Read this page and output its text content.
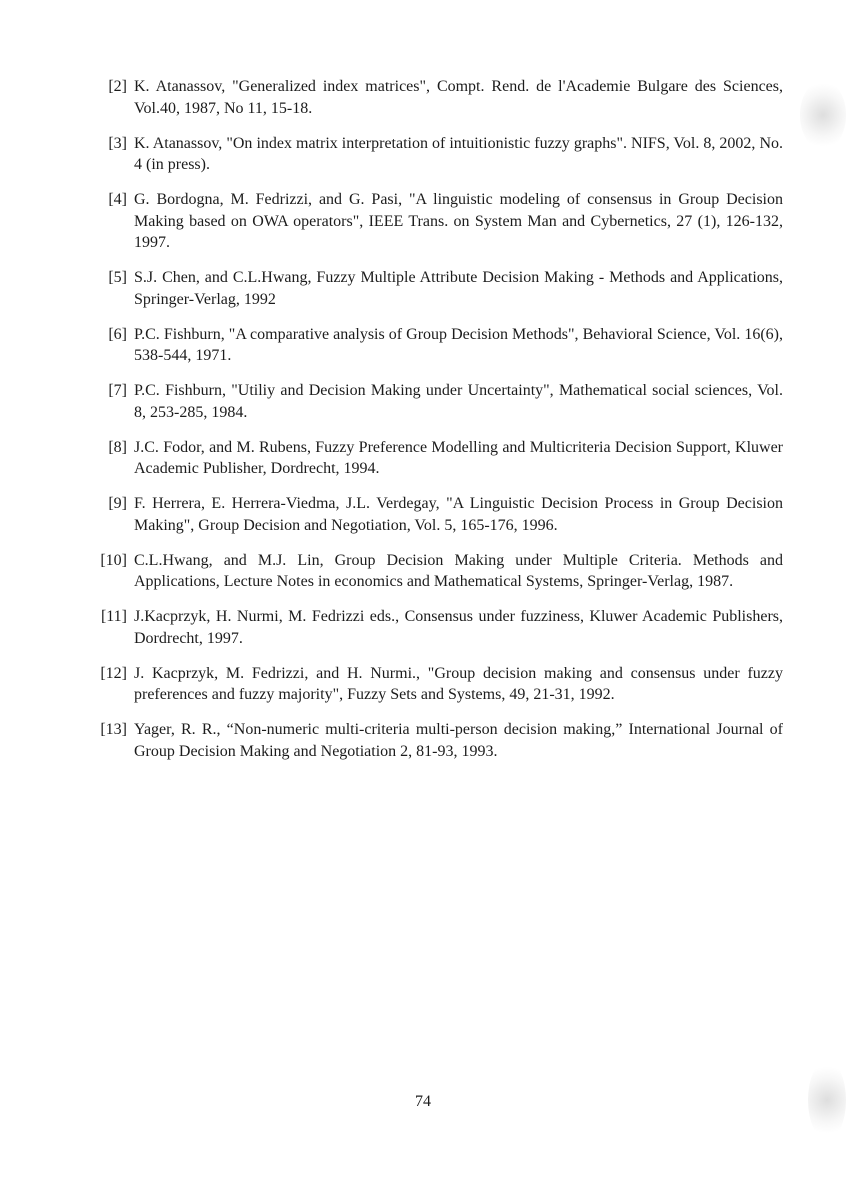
[2] K. Atanassov, "Generalized index matrices", Compt. Rend. de l'Academie Bulgare des Sciences, Vol.40, 1987, No 11, 15-18.
[3] K. Atanassov, "On index matrix interpretation of intuitionistic fuzzy graphs". NIFS, Vol. 8, 2002, No. 4 (in press).
[4] G. Bordogna, M. Fedrizzi, and G. Pasi, "A linguistic modeling of consensus in Group Decision Making based on OWA operators", IEEE Trans. on System Man and Cybernetics, 27 (1), 126-132, 1997.
[5] S.J. Chen, and C.L.Hwang, Fuzzy Multiple Attribute Decision Making - Methods and Applications, Springer-Verlag, 1992
[6] P.C. Fishburn, "A comparative analysis of Group Decision Methods", Behavioral Science, Vol. 16(6), 538-544, 1971.
[7] P.C. Fishburn, "Utiliy and Decision Making under Uncertainty", Mathematical social sciences, Vol. 8, 253-285, 1984.
[8] J.C. Fodor, and M. Rubens, Fuzzy Preference Modelling and Multicriteria Decision Support, Kluwer Academic Publisher, Dordrecht, 1994.
[9] F. Herrera, E. Herrera-Viedma, J.L. Verdegay, "A Linguistic Decision Process in Group Decision Making", Group Decision and Negotiation, Vol. 5, 165-176, 1996.
[10] C.L.Hwang, and M.J. Lin, Group Decision Making under Multiple Criteria. Methods and Applications, Lecture Notes in economics and Mathematical Systems, Springer-Verlag, 1987.
[11] J.Kacprzyk, H. Nurmi, M. Fedrizzi eds., Consensus under fuzziness, Kluwer Academic Publishers, Dordrecht, 1997.
[12] J. Kacprzyk, M. Fedrizzi, and H. Nurmi., "Group decision making and consensus under fuzzy preferences and fuzzy majority", Fuzzy Sets and Systems, 49, 21-31, 1992.
[13] Yager, R. R., “Non-numeric multi-criteria multi-person decision making,” International Journal of Group Decision Making and Negotiation 2, 81-93, 1993.
74
